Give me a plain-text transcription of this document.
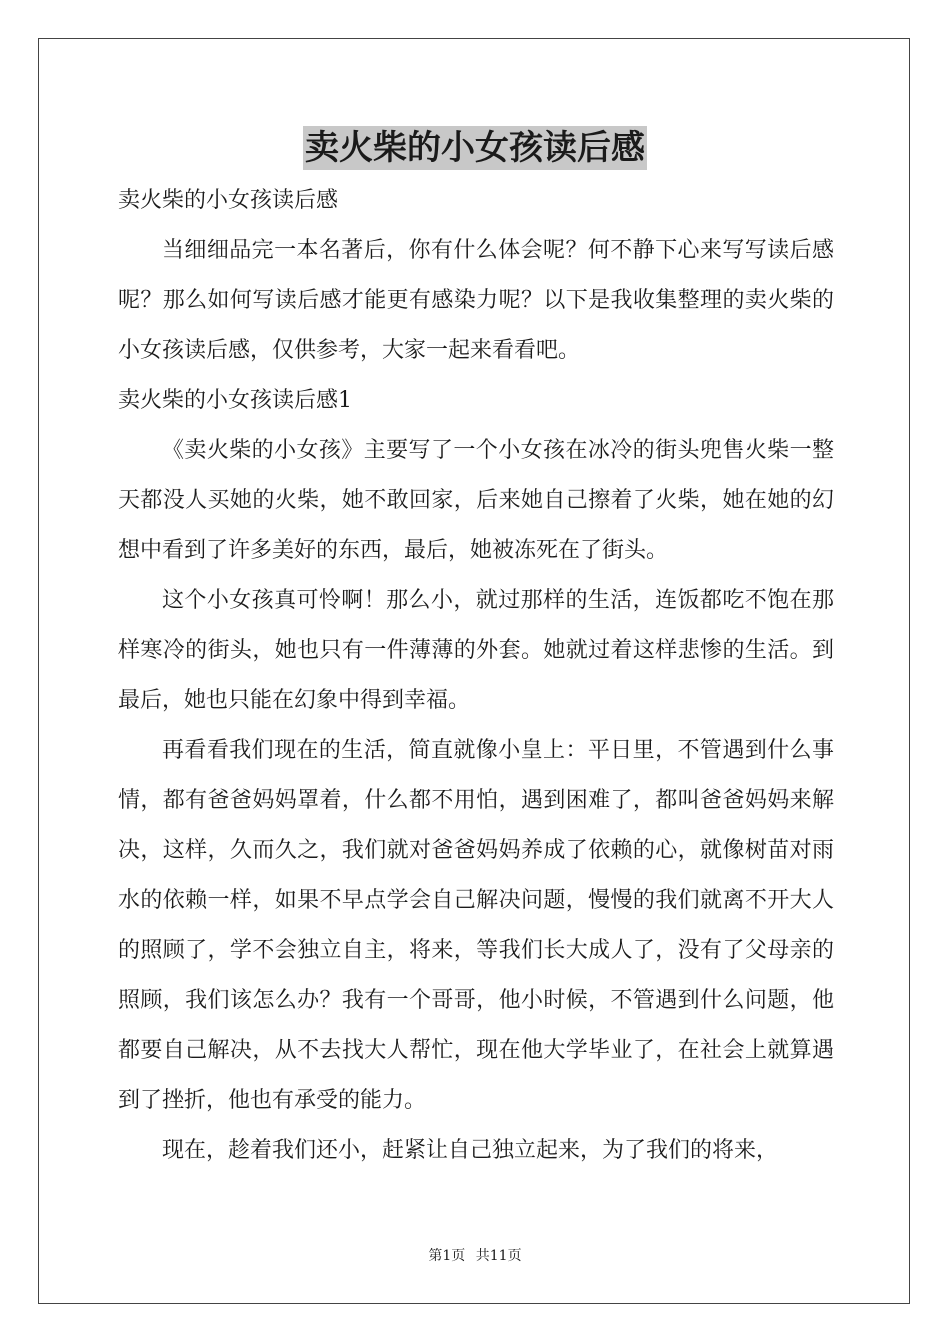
卖火柴的小女孩读后感

卖火柴的小女孩读后感

当细细品完一本名著后，你有什么体会呢？何不静下心来写写读后感呢？那么如何写读后感才能更有感染力呢？以下是我收集整理的卖火柴的小女孩读后感，仅供参考，大家一起来看看吧。

卖火柴的小女孩读后感1

《卖火柴的小女孩》主要写了一个小女孩在冰冷的街头兜售火柴一整天都没人买她的火柴，她不敢回家，后来她自己擦着了火柴，她在她的幻想中看到了许多美好的东西，最后，她被冻死在了街头。

这个小女孩真可怜啊！那么小，就过那样的生活，连饭都吃不饱在那样寒冷的街头，她也只有一件薄薄的外套。她就过着这样悲惨的生活。到最后，她也只能在幻象中得到幸福。

再看看我们现在的生活，简直就像小皇上：平日里，不管遇到什么事情，都有爸爸妈妈罩着，什么都不用怕，遇到困难了，都叫爸爸妈妈来解决，这样，久而久之，我们就对爸爸妈妈养成了依赖的心，就像树苗对雨水的依赖一样，如果不早点学会自己解决问题，慢慢的我们就离不开大人的照顾了，学不会独立自主，将来，等我们长大成人了，没有了父母亲的照顾，我们该怎么办？我有一个哥哥，他小时候，不管遇到什么问题，他都要自己解决，从不去找大人帮忙，现在他大学毕业了，在社会上就算遇到了挫折，他也有承受的能力。

现在，趁着我们还小，赶紧让自己独立起来，为了我们的将来，

第1页 共11页
